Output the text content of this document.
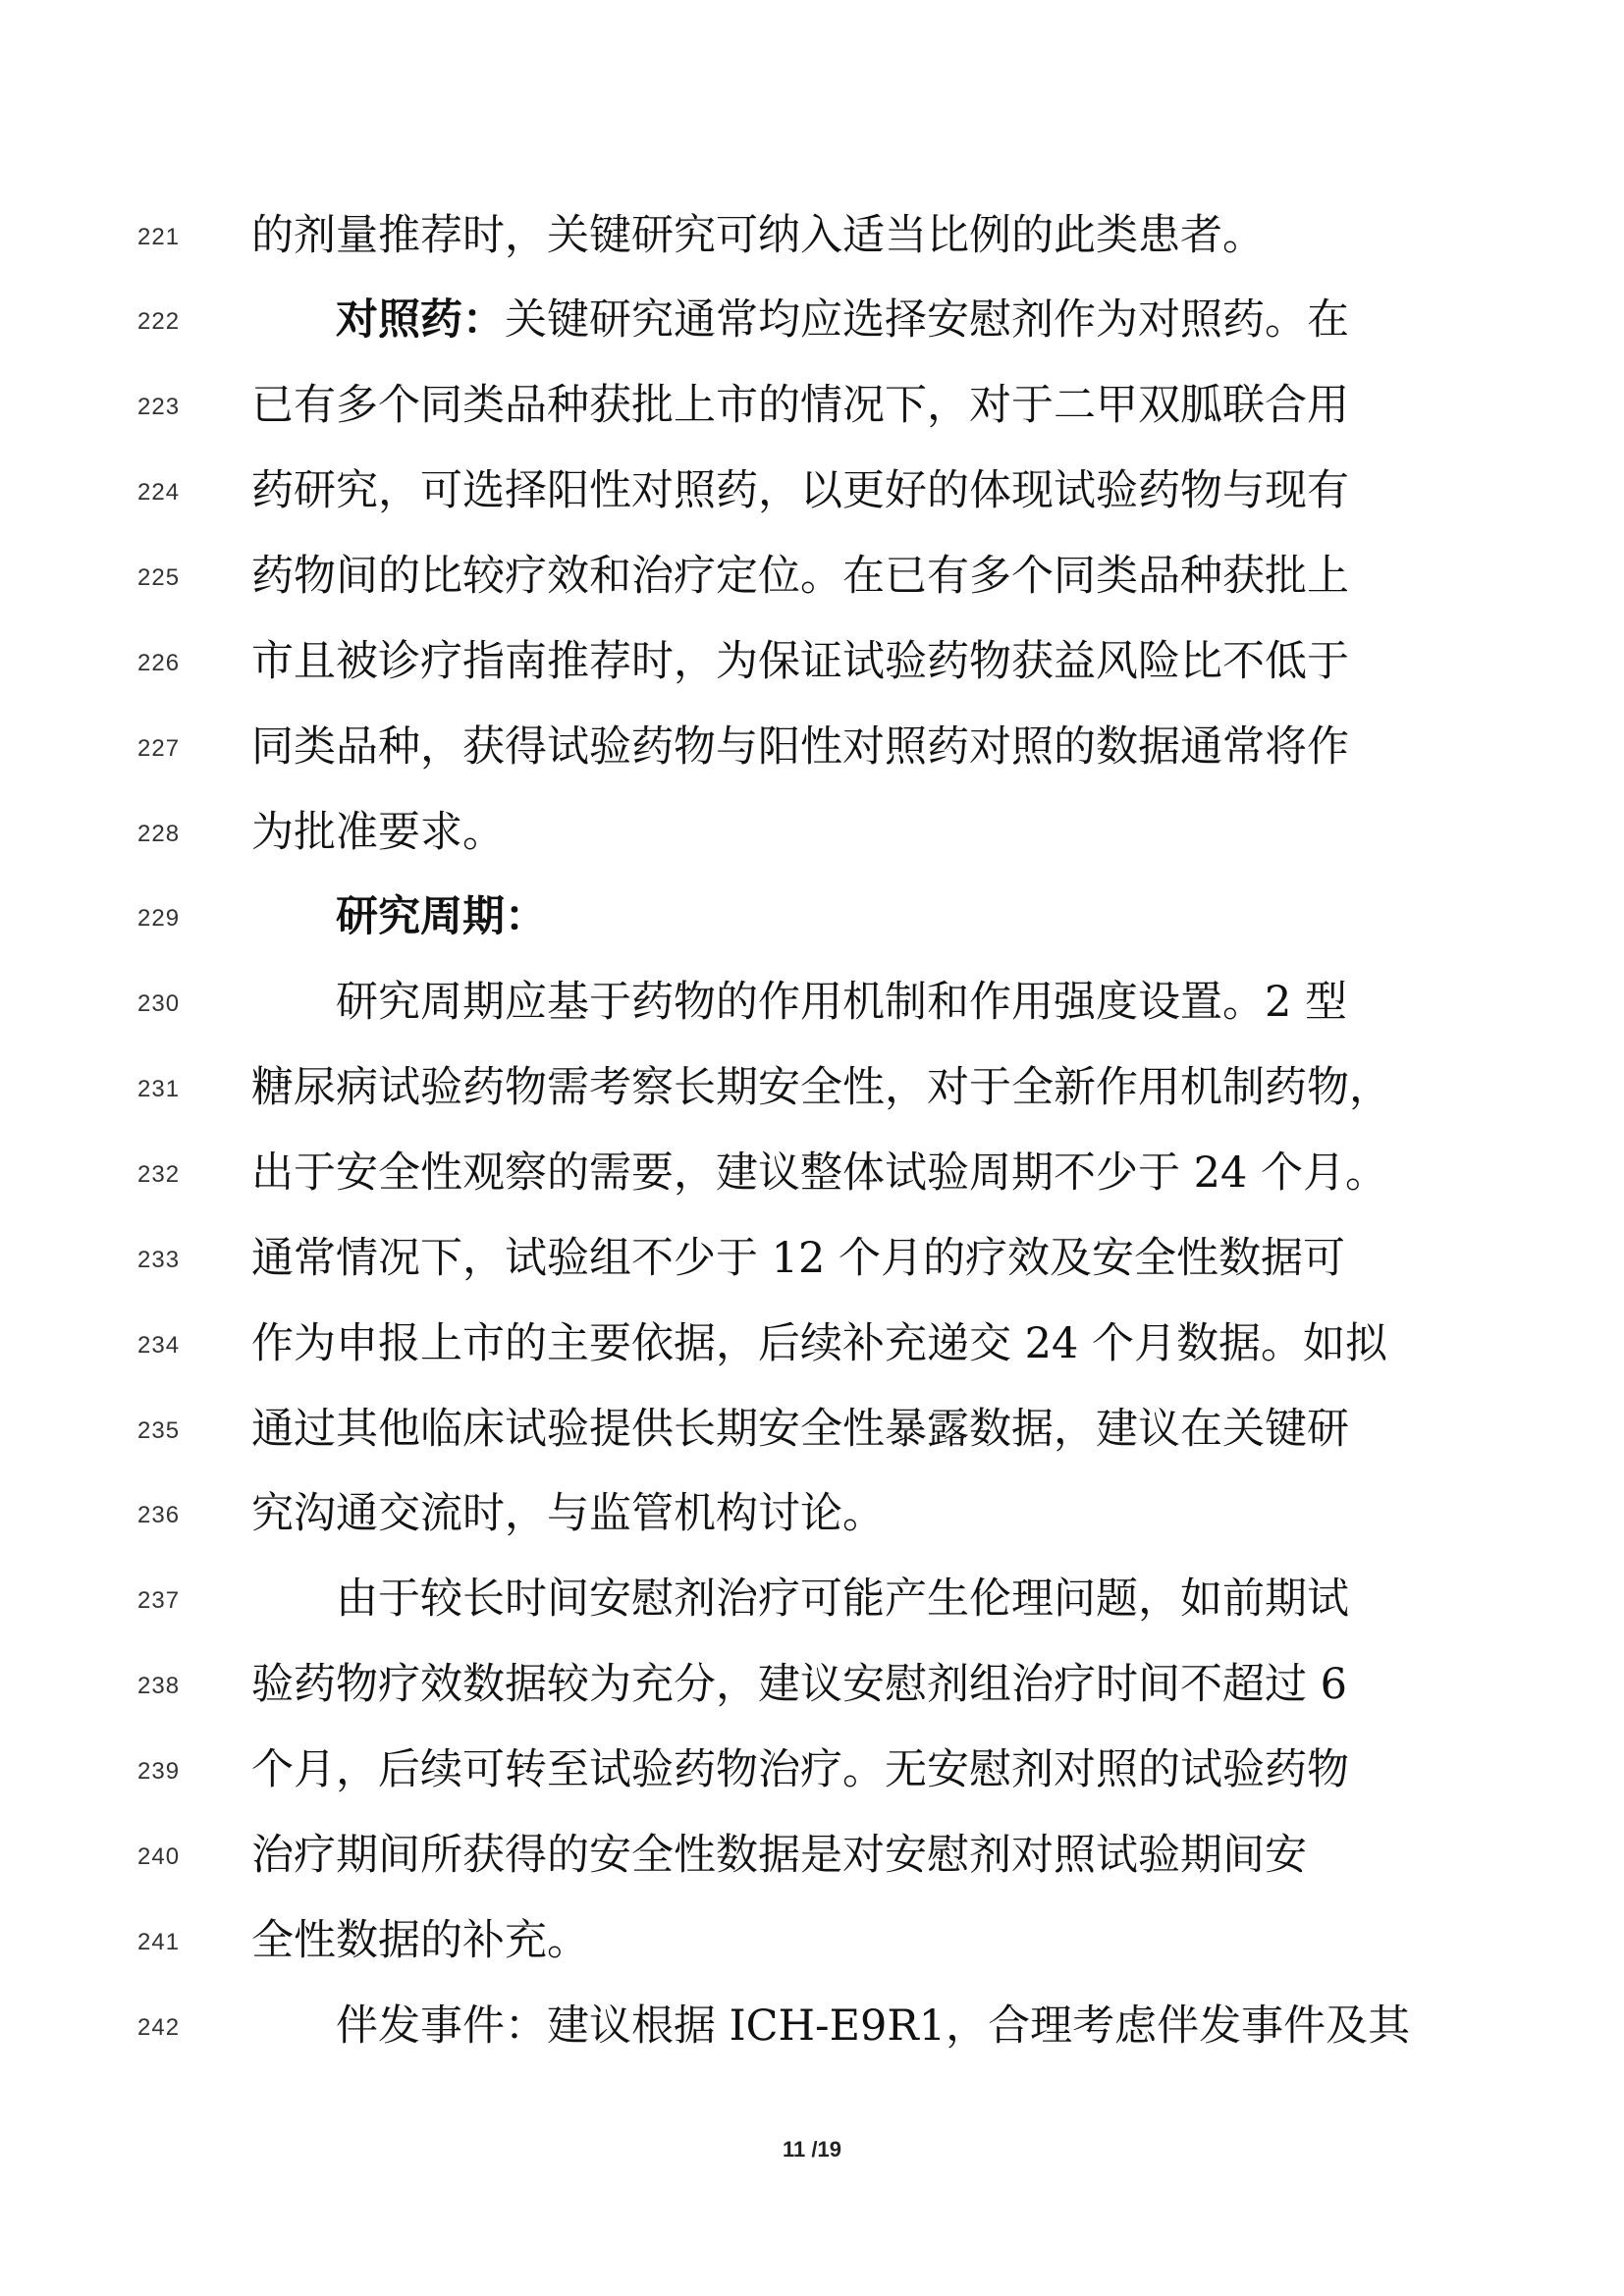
221	的剂量推荐时，关键研究可纳入适当比例的此类患者。
222	对照药：关键研究通常均应选择安慰剂作为对照药。在
223	已有多个同类品种获批上市的情况下，对于二甲双胍联合用
224	药研究，可选择阳性对照药，以更好的体现试验药物与现有
225	药物间的比较疗效和治疗定位。在已有多个同类品种获批上
226	市且被诊疗指南推荐时，为保证试验药物获益风险比不低于
227	同类品种，获得试验药物与阳性对照药对照的数据通常将作
228	为批准要求。
229	研究周期：
230	研究周期应基于药物的作用机制和作用强度设置。2 型
231	糖尿病试验药物需考察长期安全性，对于全新作用机制药物，
232	出于安全性观察的需要，建议整体试验周期不少于 24 个月。
233	通常情况下，试验组不少于 12 个月的疗效及安全性数据可
234	作为申报上市的主要依据，后续补充递交 24 个月数据。如拟
235	通过其他临床试验提供长期安全性暴露数据，建议在关键研
236	究沟通交流时，与监管机构讨论。
237	由于较长时间安慰剂治疗可能产生伦理问题，如前期试
238	验药物疗效数据较为充分，建议安慰剂组治疗时间不超过 6
239	个月，后续可转至试验药物治疗。无安慰剂对照的试验药物
240	治疗期间所获得的安全性数据是对安慰剂对照试验期间安
241	全性数据的补充。
242	伴发事件：建议根据 ICH-E9R1，合理考虑伴发事件及其
11 /19
